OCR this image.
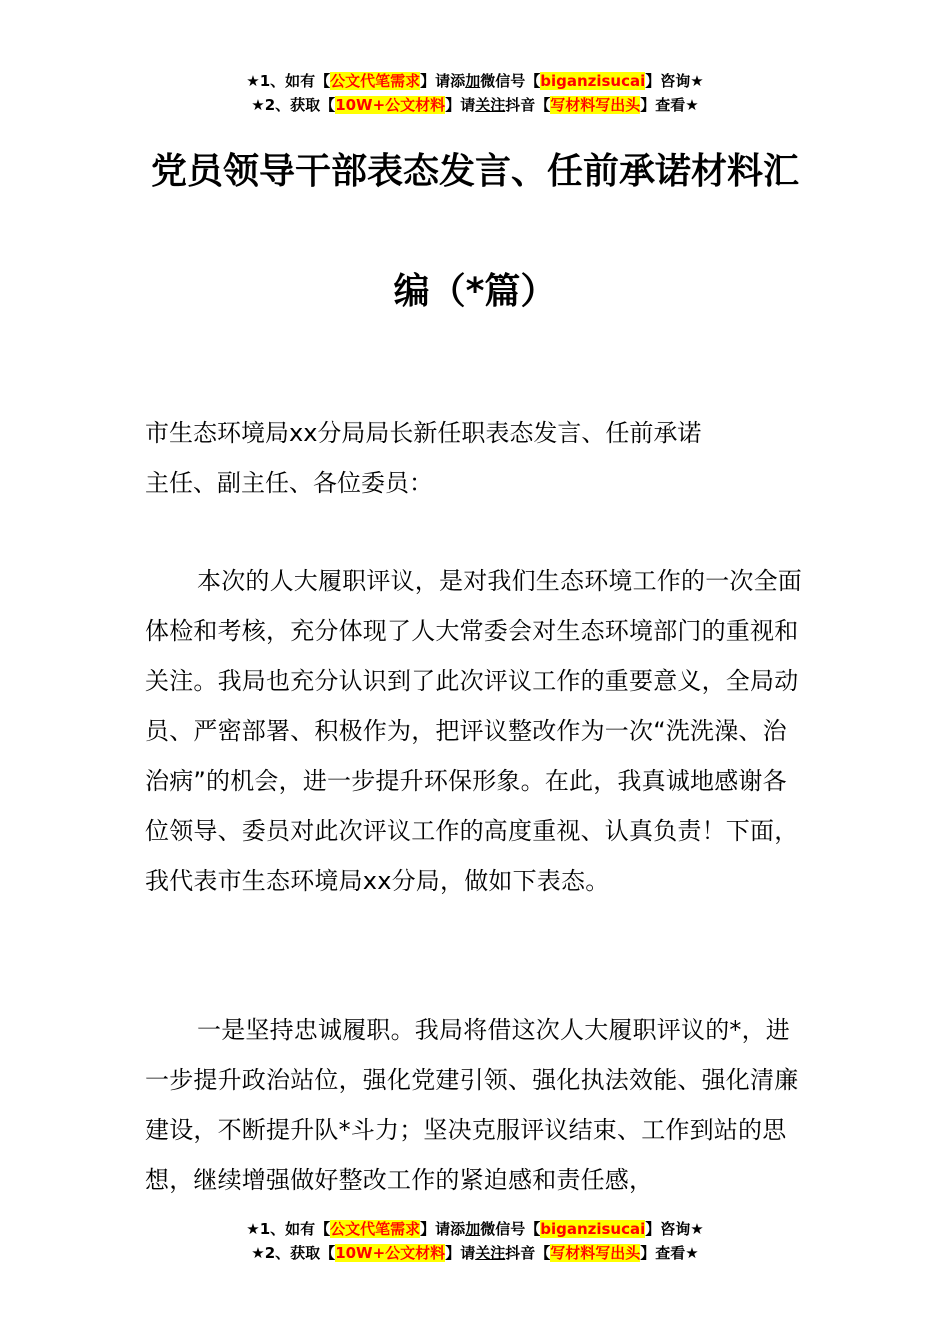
★1、如有【公文代笔需求】请添加微信号【biganzisucai】咨询★
★2、获取【10W+公文材料】请关注抖音【写材料写出头】查看★
党员领导干部表态发言、任前承诺材料汇
编（*篇）
市生态环境局xx分局局长新任职表态发言、任前承诺
主任、副主任、各位委员：

本次的人大履职评议，是对我们生态环境工作的一次全面体检和考核，充分体现了人大常委会对生态环境部门的重视和关注。我局也充分认识到了此次评议工作的重要意义，全局动员、严密部署、积极作为，把评议整改作为一次“洗洗澡、治治病”的机会，进一步提升环保形象。在此，我真诚地感谢各位领导、委员对此次评议工作的高度重视、认真负责！下面，我代表市生态环境局xx分局，做如下表态。

一是坚持忠诚履职。我局将借这次人大履职评议的*，进一步提升政治站位，强化党建引领、强化执法效能、强化清廉建设，不断提升队*斗力；坚决克服评议结束、工作到站的思想，继续增强做好整改工作的紧迫感和责任感，

★1、如有【公文代笔需求】请添加微信号【biganzisucai】咨询★
★2、获取【10W+公文材料】请关注抖音【写材料写出头】查看★
